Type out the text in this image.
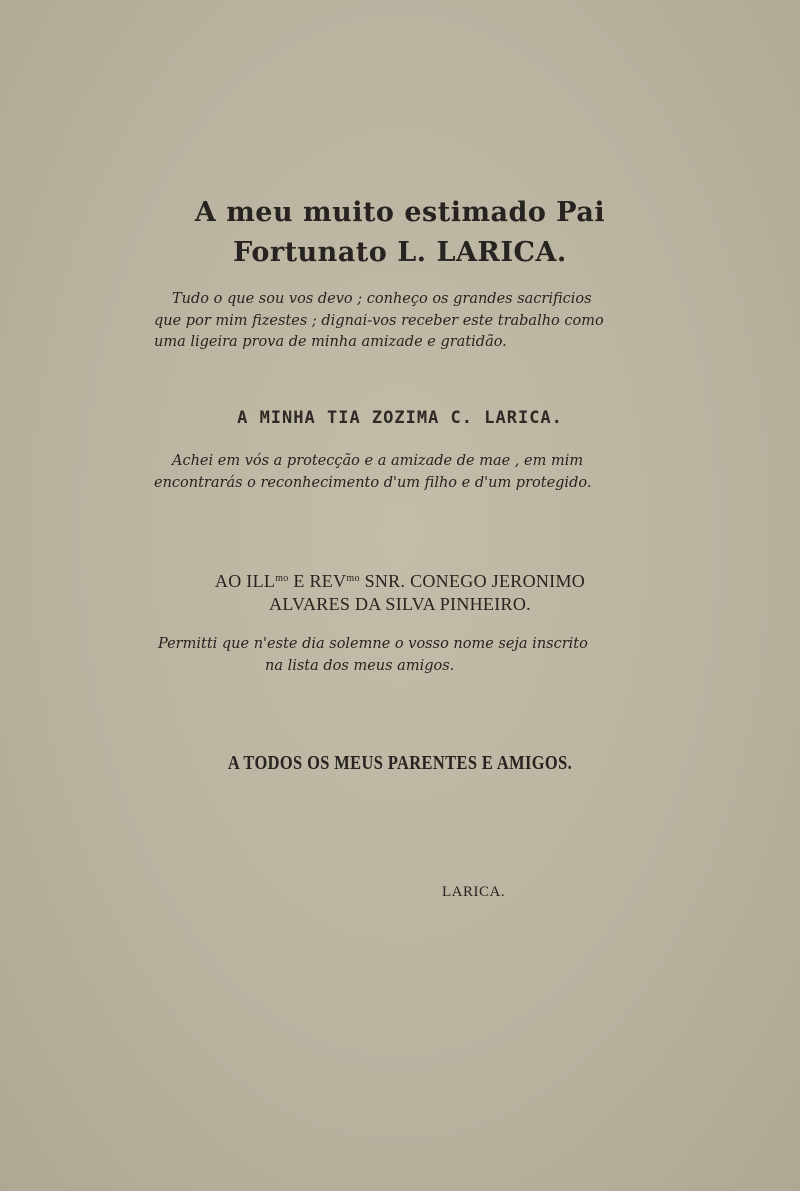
A meu muito estimado Pai

Fortunato L. LARICA.

Tudo o que sou vos devo ; conheço os grandes sacrificios

que por mim fizestes ; dignai-vos receber este trabalho como

uma ligeira prova de minha amizade e gratidão.

A MINHA TIA ZOZIMA C. LARICA.

Achei em vós a protecção e a amizade de mae , em mim

encontrarás o reconhecimento d'um filho e d'um protegido.

AO $ILL^{mo}$ E $REV^{mo}$ SNR. CONEGO JERONIMO

ALVARES DA SILVA PINHEIRO.

Permitti que n'este dia solemne o vosso nome seja inscrito

na lista dos meus amigos.

A TODOS OS MEUS PARENTES E AMIGOS.

LARICA.
